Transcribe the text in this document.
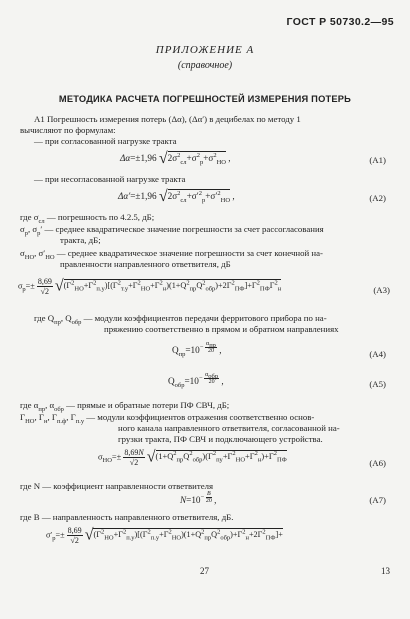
ГОСТ Р 50730.2—95
ПРИЛОЖЕНИЕ А
(справочное)
МЕТОДИКА РАСЧЕТА ПОГРЕШНОСТЕЙ ИЗМЕРЕНИЯ ПОТЕРЬ
А1 Погрешность измерения потерь (Δα), (Δα′) в децибелах по методу 1
вычисляют по формулам:
— при согласованной нагрузке тракта
Δα=±1,96 $√2\sigma^2_{сл}+\sigma^2_р+\sigma^2_{НО}$ ,	(А1)
— при несогласованной нагрузке тракта
Δα′=±1,96 $√2\sigma^2_{сл}+\sigma'^2_р+\sigma'^2_{НО}$ ,	(А2)
где $\sigma_{сл}$ — погрешность по 4.2.5, дБ;
$\sigma_р$, $\sigma_р'$ — среднее квадратическое значение погрешности за счет рассогласования
тракта, дБ;
$\sigma_{НО}$, $\sigma'_{НО}$ — среднее квадратическое значение погрешности за счет конечной на-
правленности направленного ответвителя, дБ
$\sigma_р=\pm \frac{8,69}{√2} √(Г^2_{НО}+Г^2_{п.у})[(Г^2_{т.у}+Г^2_{НО}+Г^2_н)(1+Q^2_{пр}Q^2_{обр})+2Г^2_{ПФ}]+Г^2_{ПФ}Г^2_н$	(А3)
где $Q_{пр}$, $Q_{обр}$ — модули коэффициентов передачи ферритового прибора по на-
пряжению соответственно в прямом и обратном направлениях
$Q_{пр}=10^{- \frac{\alpha_{пр}}{20}}$ ,	(А4)
$Q_{обр}=10^{- \frac{\alpha_{обр}}{20}}$ ,	(А5)
где $\alpha_{пр}$, $\alpha_{обр}$ — прямые и обратные потери ПФ СВЧ, дБ;
$Г_{НО}$, $Г_н$, $Г_{п.ф}$, $Г_{п.у}$ — модули коэффициентов отражения соответственно основ-
ного канала направленного ответвителя, согласованной на-
грузки тракта, ПФ СВЧ и подключающего устройства.
$\sigma_{НО}=\pm \frac{8,69N}{√2} √(1+Q^2_{пр}Q^2_{обр})(Г^2_{пу}+Г^2_{НО}+Г^2_н)+Г^2_{ПФ}$	(А6)
где N — коэффициент направленности ответвителя
$N=10^{- \frac{B}{20}}$ ,	(А7)
где B — направленность направленного ответвителя, дБ.
$\sigma'_р=\pm \frac{8,69}{√2} √(Г^2_{НО}+Г^2_{п.у})[(Г^2_{п.у}+Г^2_{НО})(1+Q^2_{пр}Q^2_{обр})+Г^2_н+2Г^2_{ПФ}]+$
27	13
